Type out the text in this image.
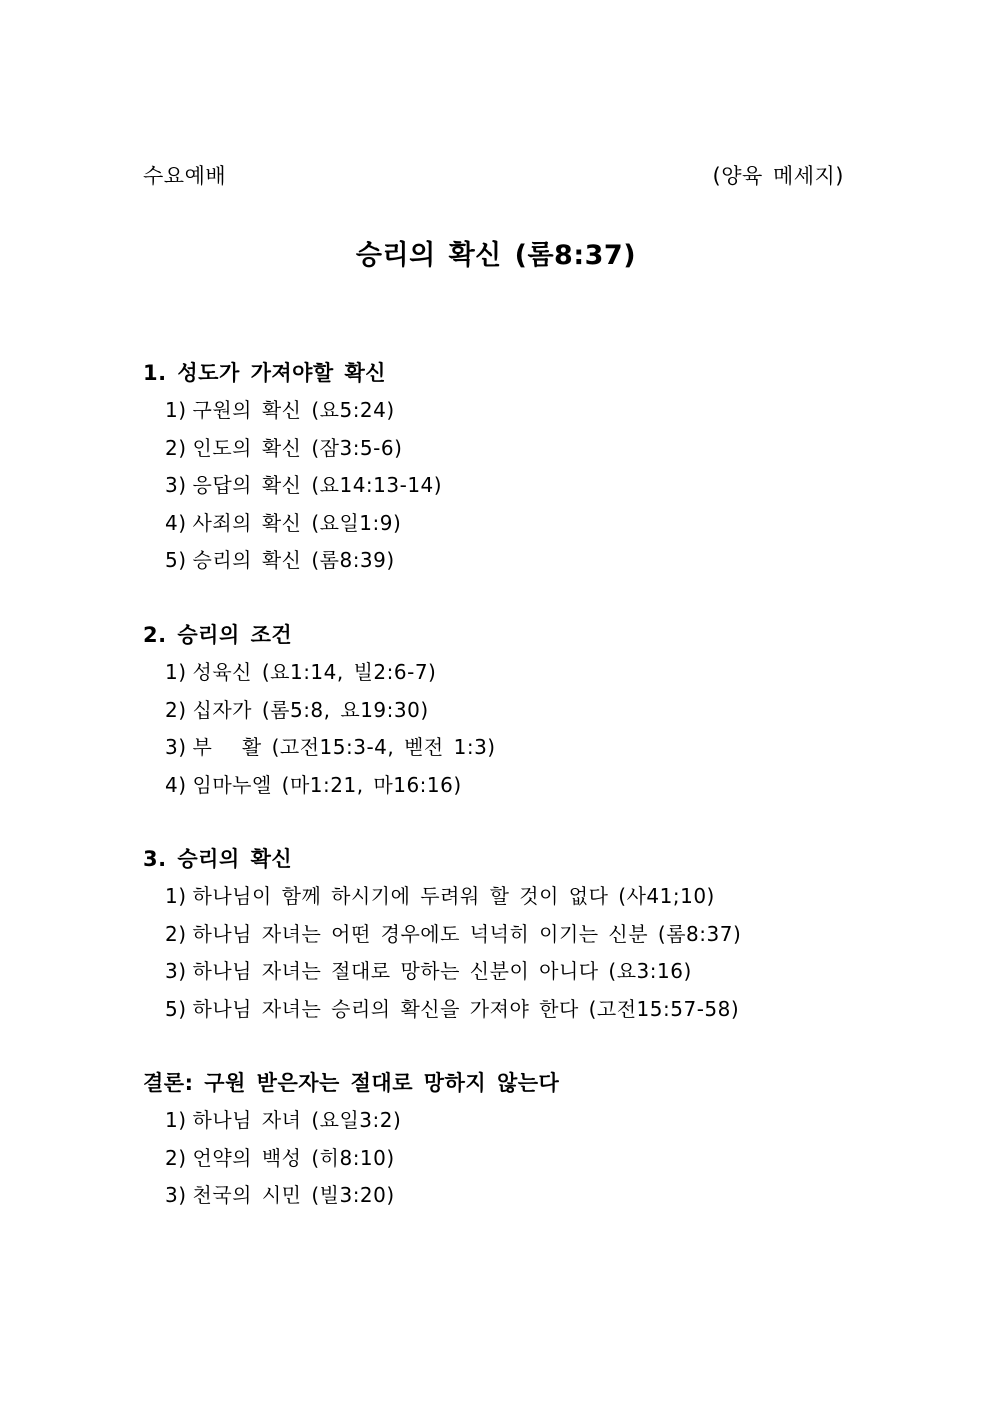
수요예배	(양육 메세지)
승리의 확신 (롬8:37)
1. 성도가 가져야할 확신
1) 구원의 확신 (요5:24)
2) 인도의 확신 (잠3:5-6)
3) 응답의 확신 (요14:13-14)
4) 사죄의 확신 (요일1:9)
5) 승리의 확신 (롬8:39)
2. 승리의 조건
1) 성육신 (요1:14, 빌2:6-7)
2) 십자가 (롬5:8, 요19:30)
3) 부   활 (고전15:3-4, 벧전 1:3)
4) 임마누엘 (마1:21, 마16:16)
3. 승리의 확신
1) 하나님이 함께 하시기에 두려워 할 것이 없다 (사41;10)
2) 하나님 자녀는 어떤 경우에도 넉넉히 이기는 신분 (롬8:37)
3) 하나님 자녀는 절대로 망하는 신분이 아니다 (요3:16)
5) 하나님 자녀는 승리의 확신을 가져야 한다 (고전15:57-58)
결론: 구원 받은자는 절대로 망하지 않는다
1) 하나님 자녀 (요일3:2)
2) 언약의 백성 (히8:10)
3) 천국의 시민 (빌3:20)
